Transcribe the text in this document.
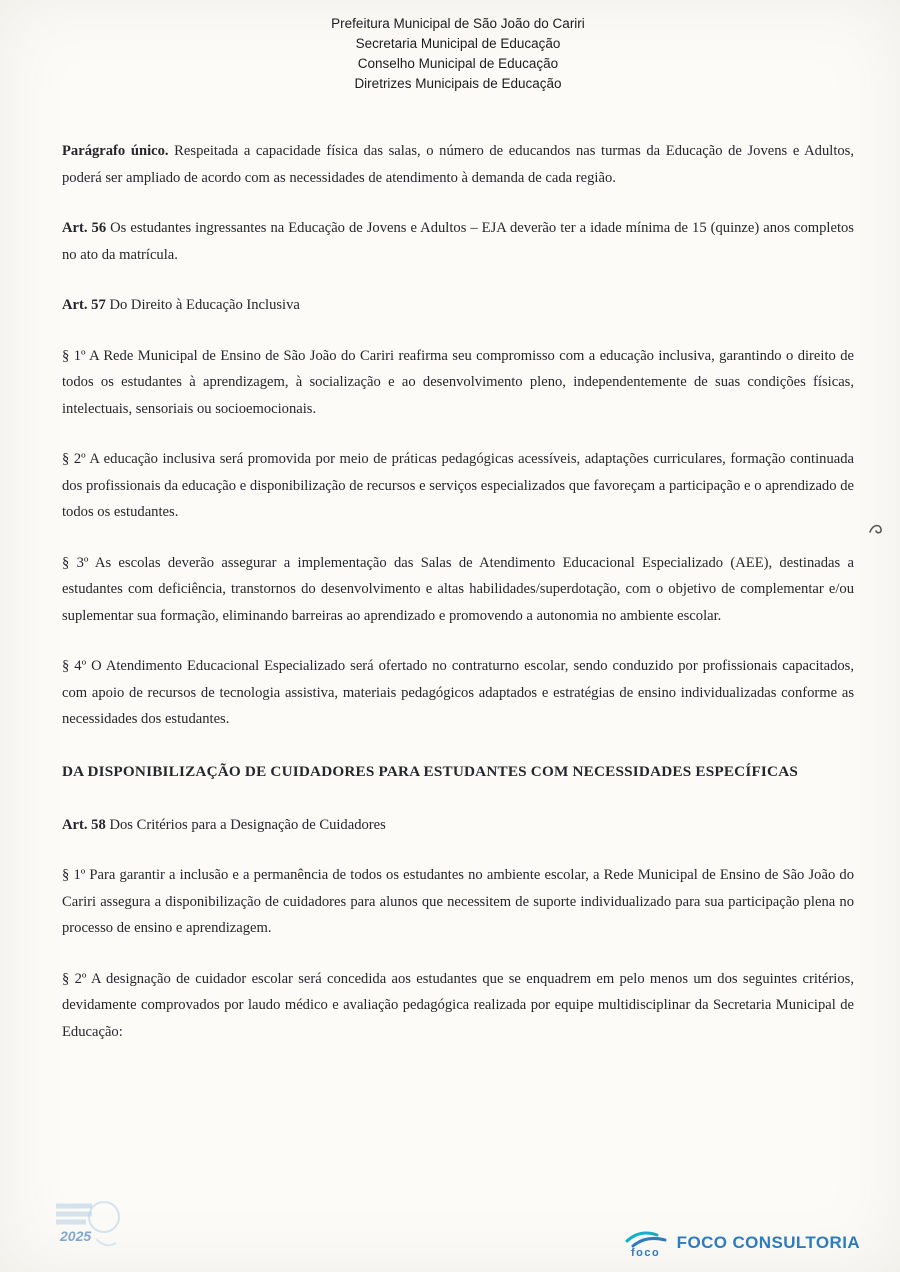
Prefeitura Municipal de São João do Cariri
Secretaria Municipal de Educação
Conselho Municipal de Educação
Diretrizes Municipais de Educação

Parágrafo único. Respeitada a capacidade física das salas, o número de educandos nas turmas da Educação de Jovens e Adultos, poderá ser ampliado de acordo com as necessidades de atendimento à demanda de cada região.

Art. 56 Os estudantes ingressantes na Educação de Jovens e Adultos – EJA deverão ter a idade mínima de 15 (quinze) anos completos no ato da matrícula.

Art. 57 Do Direito à Educação Inclusiva

§ 1º A Rede Municipal de Ensino de São João do Cariri reafirma seu compromisso com a educação inclusiva, garantindo o direito de todos os estudantes à aprendizagem, à socialização e ao desenvolvimento pleno, independentemente de suas condições físicas, intelectuais, sensoriais ou socioemocionais.

§ 2º A educação inclusiva será promovida por meio de práticas pedagógicas acessíveis, adaptações curriculares, formação continuada dos profissionais da educação e disponibilização de recursos e serviços especializados que favoreçam a participação e o aprendizado de todos os estudantes.

§ 3º As escolas deverão assegurar a implementação das Salas de Atendimento Educacional Especializado (AEE), destinadas a estudantes com deficiência, transtornos do desenvolvimento e altas habilidades/superdotação, com o objetivo de complementar e/ou suplementar sua formação, eliminando barreiras ao aprendizado e promovendo a autonomia no ambiente escolar.

§ 4º O Atendimento Educacional Especializado será ofertado no contraturno escolar, sendo conduzido por profissionais capacitados, com apoio de recursos de tecnologia assistiva, materiais pedagógicos adaptados e estratégias de ensino individualizadas conforme as necessidades dos estudantes.

DA DISPONIBILIZAÇÃO DE CUIDADORES PARA ESTUDANTES COM NECESSIDADES ESPECÍFICAS

Art. 58 Dos Critérios para a Designação de Cuidadores

§ 1º Para garantir a inclusão e a permanência de todos os estudantes no ambiente escolar, a Rede Municipal de Ensino de São João do Cariri assegura a disponibilização de cuidadores para alunos que necessitem de suporte individualizado para sua participação plena no processo de ensino e aprendizagem.

§ 2º A designação de cuidador escolar será concedida aos estudantes que se enquadrem em pelo menos um dos seguintes critérios, devidamente comprovados por laudo médico e avaliação pedagógica realizada por equipe multidisciplinar da Secretaria Municipal de Educação:

2025
foco
FOCO CONSULTORIA
